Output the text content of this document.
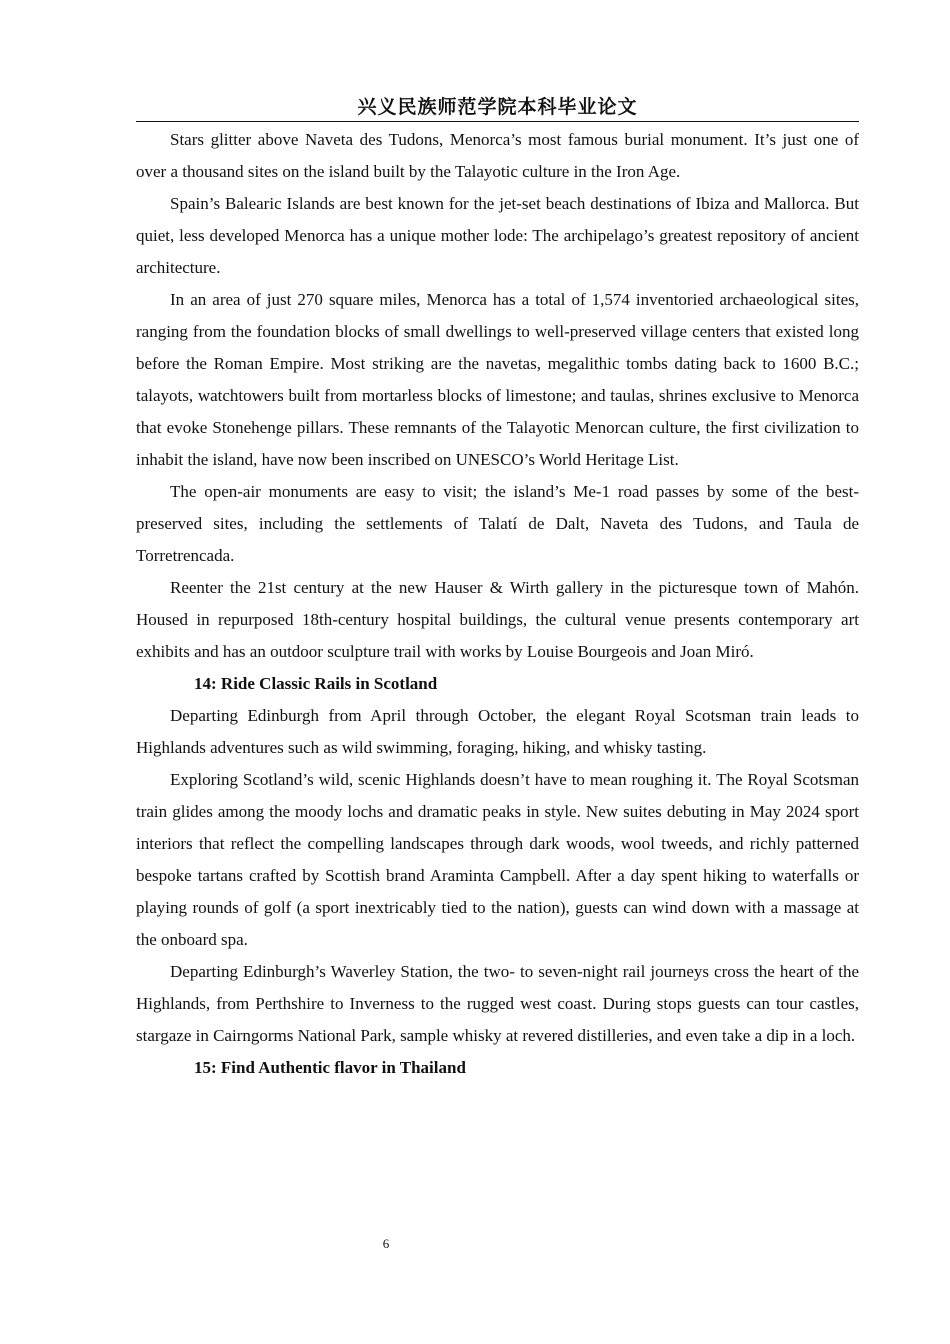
兴义民族师范学院本科毕业论文

Stars glitter above Naveta des Tudons, Menorca’s most famous burial monument. It’s just one of over a thousand sites on the island built by the Talayotic culture in the Iron Age.

Spain’s Balearic Islands are best known for the jet-set beach destinations of Ibiza and Mallorca. But quiet, less developed Menorca has a unique mother lode: The archipelago’s greatest repository of ancient architecture.

In an area of just 270 square miles, Menorca has a total of 1,574 inventoried archaeological sites, ranging from the foundation blocks of small dwellings to well-preserved village centers that existed long before the Roman Empire. Most striking are the navetas, megalithic tombs dating back to 1600 B.C.; talayots, watchtowers built from mortarless blocks of limestone; and taulas, shrines exclusive to Menorca that evoke Stonehenge pillars. These remnants of the Talayotic Menorcan culture, the first civilization to inhabit the island, have now been inscribed on UNESCO’s World Heritage List.

The open-air monuments are easy to visit; the island’s Me-1 road passes by some of the best-preserved sites, including the settlements of Talatí de Dalt, Naveta des Tudons, and Taula de Torretrencada.

Reenter the 21st century at the new Hauser & Wirth gallery in the picturesque town of Mahón. Housed in repurposed 18th-century hospital buildings, the cultural venue presents contemporary art exhibits and has an outdoor sculpture trail with works by Louise Bourgeois and Joan Miró.

14: Ride Classic Rails in Scotland

Departing Edinburgh from April through October, the elegant Royal Scotsman train leads to Highlands adventures such as wild swimming, foraging, hiking, and whisky tasting.

Exploring Scotland’s wild, scenic Highlands doesn’t have to mean roughing it. The Royal Scotsman train glides among the moody lochs and dramatic peaks in style. New suites debuting in May 2024 sport interiors that reflect the compelling landscapes through dark woods, wool tweeds, and richly patterned bespoke tartans crafted by Scottish brand Araminta Campbell. After a day spent hiking to waterfalls or playing rounds of golf (a sport inextricably tied to the nation), guests can wind down with a massage at the onboard spa.

Departing Edinburgh’s Waverley Station, the two- to seven-night rail journeys cross the heart of the Highlands, from Perthshire to Inverness to the rugged west coast. During stops guests can tour castles, stargaze in Cairngorms National Park, sample whisky at revered distilleries, and even take a dip in a loch.

15: Find Authentic flavor in Thailand

6
